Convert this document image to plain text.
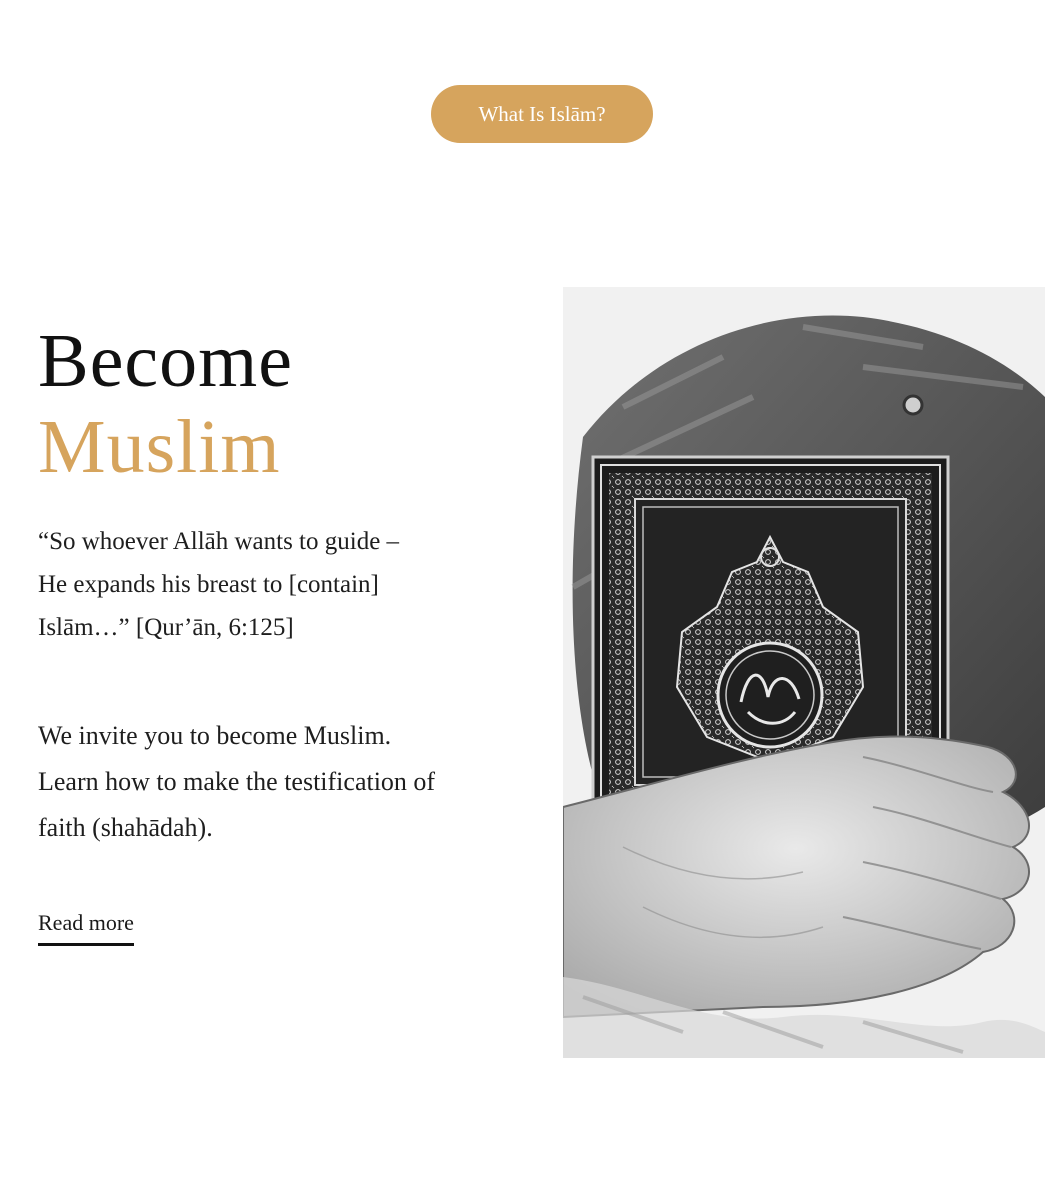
What Is Islām?
Become
Muslim

“So whoever Allāh wants to guide –
He expands his breast to [contain]
Islām…” [Qur’ān, 6:125]

We invite you to become Muslim.
Learn how to make the testification of
faith (shahādah).

Read more
